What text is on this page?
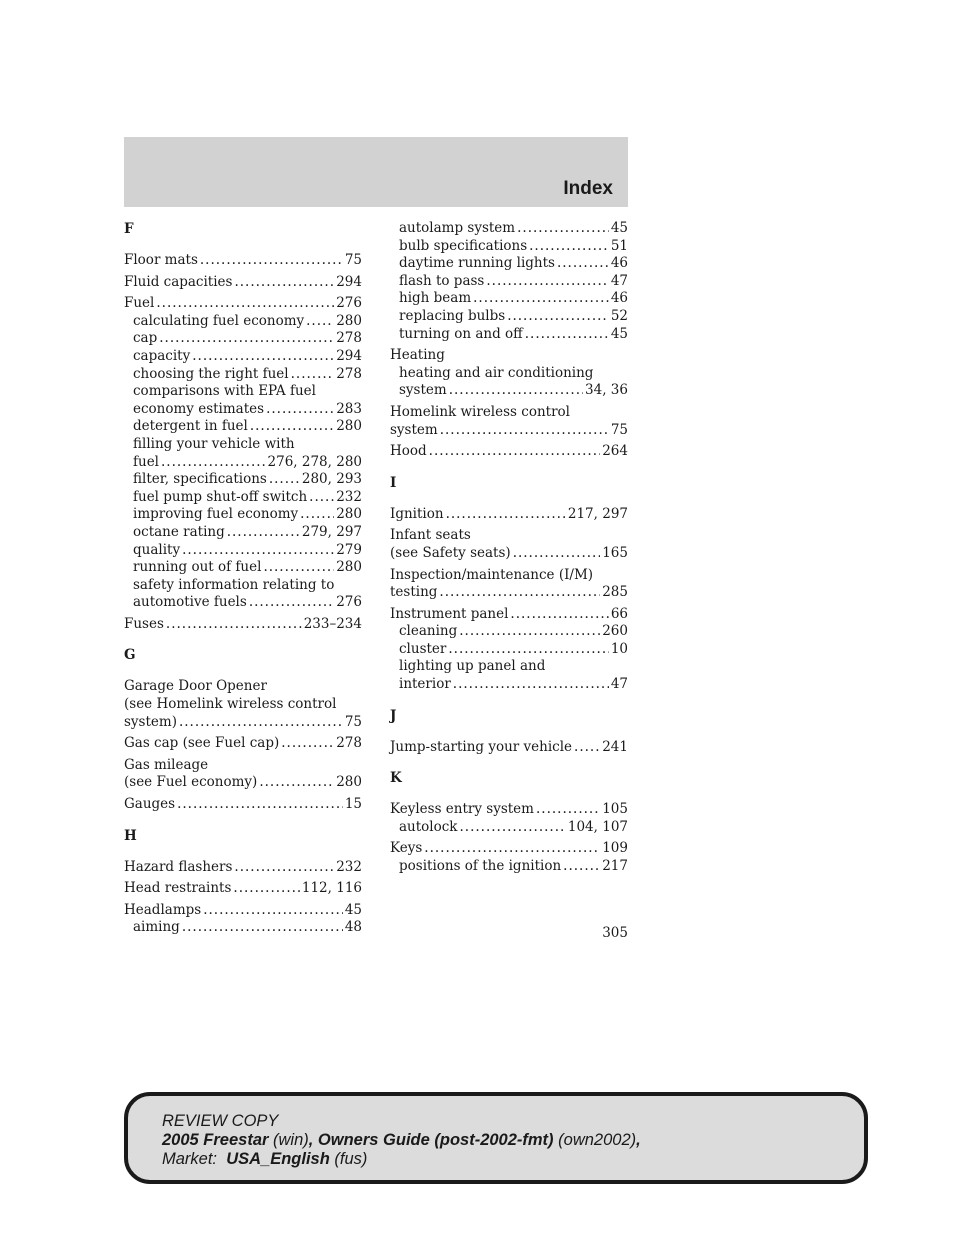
Index
F
Floor mats .....	75
Fluid capacities .....	294
Fuel .....	276
calculating fuel economy ..... 280
cap .....	278
capacity .....	294
choosing the right fuel .....	278
comparisons with EPA fuel
economy estimates .....	283
detergent in fuel .....	280
filling your vehicle with
fuel .....	276, 278, 280
filter, specifications .....	280, 293
fuel pump shut-off switch ..... 232
improving fuel economy .....	280
octane rating .....	279, 297
quality .....	279
running out of fuel .....	280
safety information relating to
automotive fuels .....	276
Fuses .....	233–234
G
Garage Door Opener
(see Homelink wireless control
system) .....	75
Gas cap (see Fuel cap) .....	278
Gas mileage
(see Fuel economy) .....	280
Gauges .....	15
H
Hazard flashers .....	232
Head restraints .....	112, 116
Headlamps .....	45
aiming .....	48
autolamp system .....	45
bulb specifications .....	51
daytime running lights .....	46
flash to pass .....	47
high beam .....	46
replacing bulbs .....	52
turning on and off .....	45
Heating
heating and air conditioning
system .....	34, 36
Homelink wireless control
system .....	75
Hood .....	264
I
Ignition .....	217, 297
Infant seats
(see Safety seats) .....	165
Inspection/maintenance (I/M)
testing .....	285
Instrument panel .....	66
cleaning .....	260
cluster .....	10
lighting up panel and
interior .....	47
J
Jump-starting your vehicle ..... 241
K
Keyless entry system .....	105
autolock .....	104, 107
Keys .....	109
positions of the ignition .....	217
305
REVIEW COPY
2005 Freestar (win), Owners Guide (post-2002-fmt) (own2002),
Market: USA_English (fus)
